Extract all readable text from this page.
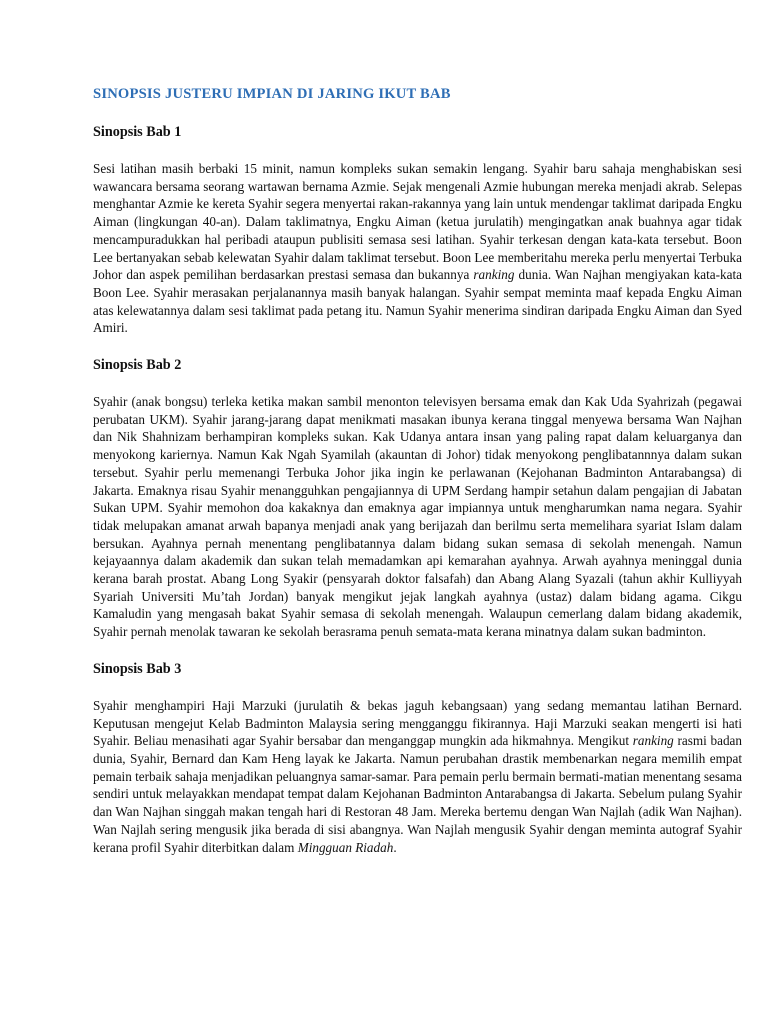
SINOPSIS JUSTERU IMPIAN DI JARING IKUT BAB
Sinopsis Bab 1

Sesi latihan masih berbaki 15 minit, namun kompleks sukan semakin lengang. Syahir baru sahaja menghabiskan sesi wawancara bersama seorang wartawan bernama Azmie. Sejak mengenali Azmie hubungan mereka menjadi akrab. Selepas menghantar Azmie ke kereta Syahir segera menyertai rakan-rakannya yang lain untuk mendengar taklimat daripada Engku Aiman (lingkungan 40-an). Dalam taklimatnya, Engku Aiman (ketua jurulatih) mengingatkan anak buahnya agar tidak mencampuradukkan hal peribadi ataupun publisiti semasa sesi latihan. Syahir terkesan dengan kata-kata tersebut. Boon Lee bertanyakan sebab kelewatan Syahir dalam taklimat tersebut. Boon Lee memberitahu mereka perlu menyertai Terbuka Johor dan aspek pemilihan berdasarkan prestasi semasa dan bukannya ranking dunia. Wan Najhan mengiyakan kata-kata Boon Lee. Syahir merasakan perjalanannya masih banyak halangan. Syahir sempat meminta maaf kepada Engku Aiman atas kelewatannya dalam sesi taklimat pada petang itu. Namun Syahir menerima sindiran daripada Engku Aiman dan Syed Amiri.

Sinopsis Bab 2

Syahir (anak bongsu) terleka ketika makan sambil menonton televisyen bersama emak dan Kak Uda Syahrizah (pegawai perubatan UKM). Syahir jarang-jarang dapat menikmati masakan ibunya kerana tinggal menyewa bersama Wan Najhan dan Nik Shahnizam berhampiran kompleks sukan. Kak Udanya antara insan yang paling rapat dalam keluarganya dan menyokong kariernya. Namun Kak Ngah Syamilah (akauntan di Johor) tidak menyokong penglibatannnya dalam sukan tersebut. Syahir perlu memenangi Terbuka Johor jika ingin ke perlawanan (Kejohanan Badminton Antarabangsa) di Jakarta. Emaknya risau Syahir menangguhkan pengajiannya di UPM Serdang hampir setahun dalam pengajian di Jabatan Sukan UPM. Syahir memohon doa kakaknya dan emaknya agar impiannya untuk mengharumkan nama negara. Syahir tidak melupakan amanat arwah bapanya menjadi anak yang berijazah dan berilmu serta memelihara syariat Islam dalam bersukan. Ayahnya pernah menentang penglibatannya dalam bidang sukan semasa di sekolah menengah. Namun kejayaannya dalam akademik dan sukan telah memadamkan api kemarahan ayahnya. Arwah ayahnya meninggal dunia kerana barah prostat. Abang Long Syakir (pensyarah doktor falsafah) dan Abang Alang Syazali (tahun akhir Kulliyyah Syariah Universiti Mu’tah Jordan) banyak mengikut jejak langkah ayahnya (ustaz) dalam bidang agama. Cikgu Kamaludin yang mengasah bakat Syahir semasa di sekolah menengah. Walaupun cemerlang dalam bidang akademik, Syahir pernah menolak tawaran ke sekolah berasrama penuh semata-mata kerana minatnya dalam sukan badminton.

Sinopsis Bab 3

Syahir menghampiri Haji Marzuki (jurulatih & bekas jaguh kebangsaan) yang sedang memantau latihan Bernard. Keputusan mengejut Kelab Badminton Malaysia sering mengganggu fikirannya. Haji Marzuki seakan mengerti isi hati Syahir. Beliau menasihati agar Syahir bersabar dan menganggap mungkin ada hikmahnya. Mengikut ranking rasmi badan dunia, Syahir, Bernard dan Kam Heng layak ke Jakarta. Namun perubahan drastik membenarkan negara memilih empat pemain terbaik sahaja menjadikan peluangnya samar-samar. Para pemain perlu bermain bermati-matian menentang sesama sendiri untuk melayakkan mendapat tempat dalam Kejohanan Badminton Antarabangsa di Jakarta. Sebelum pulang Syahir dan Wan Najhan singgah makan tengah hari di Restoran 48 Jam. Mereka bertemu dengan Wan Najlah (adik Wan Najhan). Wan Najlah sering mengusik jika berada di sisi abangnya. Wan Najlah mengusik Syahir dengan meminta autograf Syahir kerana profil Syahir diterbitkan dalam Mingguan Riadah.
